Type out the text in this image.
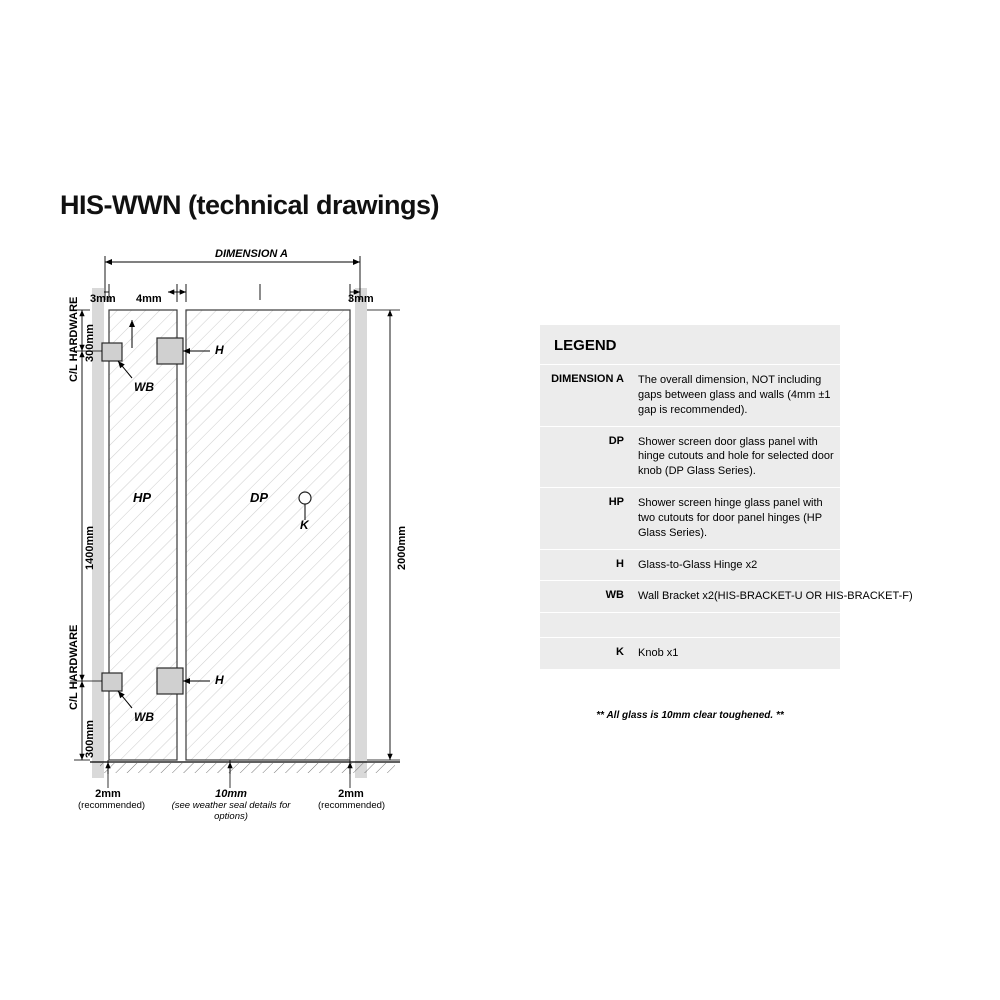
HIS-WWN (technical drawings)
DIMENSION A
3mm 4mm	3mm
C/L HARDWARE 300mm
1400mm
C/L HARDWARE
300mm
2000mm
HP	DP
H
H
WB
WB
K
2mm
(recommended)
10mm
(see weather seal details for options)
2mm
(recommended)
LEGEND
DIMENSION A	The overall dimension, NOT including gaps between glass and walls (4mm ±1 gap is recommended).
DP	Shower screen door glass panel with hinge cutouts and hole for selected door knob (DP Glass Series).
HP	Shower screen hinge glass panel with two cutouts for door panel hinges (HP Glass Series).
H	Glass-to-Glass Hinge x2
WB	Wall Bracket x2(HIS-BRACKET-U OR HIS-BRACKET-F)
K	Knob x1
** All glass is 10mm clear toughened. **
